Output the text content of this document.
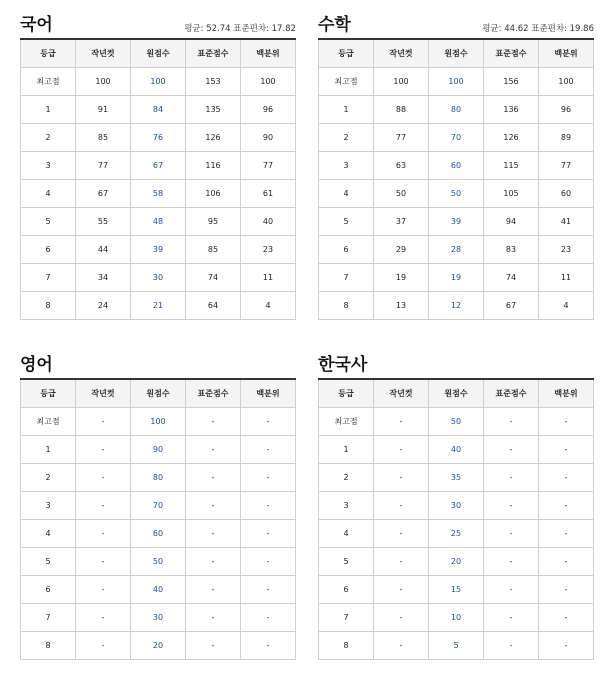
국어	평균: 52.74 표준편차: 17.82
등급	작년컷	원점수	표준점수	백분위
최고점	100	100	153	100
1	91	84	135	96
2	85	76	126	90
3	77	67	116	77
4	67	58	106	61
5	55	48	95	40
6	44	39	85	23
7	34	30	74	11
8	24	21	64	4
수학	평균: 44.62 표준편차: 19.86
등급	작년컷	원점수	표준점수	백분위
최고점	100	100	156	100
1	88	80	136	96
2	77	70	126	89
3	63	60	115	77
4	50	50	105	60
5	37	39	94	41
6	29	28	83	23
7	19	19	74	11
8	13	12	67	4
영어
등급	작년컷	원점수	표준점수	백분위
최고점	-	100	-	-
1	-	90	-	-
2	-	80	-	-
3	-	70	-	-
4	-	60	-	-
5	-	50	-	-
6	-	40	-	-
7	-	30	-	-
8	-	20	-	-
한국사
등급	작년컷	원점수	표준점수	백분위
최고점	-	50	-	-
1	-	40	-	-
2	-	35	-	-
3	-	30	-	-
4	-	25	-	-
5	-	20	-	-
6	-	15	-	-
7	-	10	-	-
8	-	5	-	-
